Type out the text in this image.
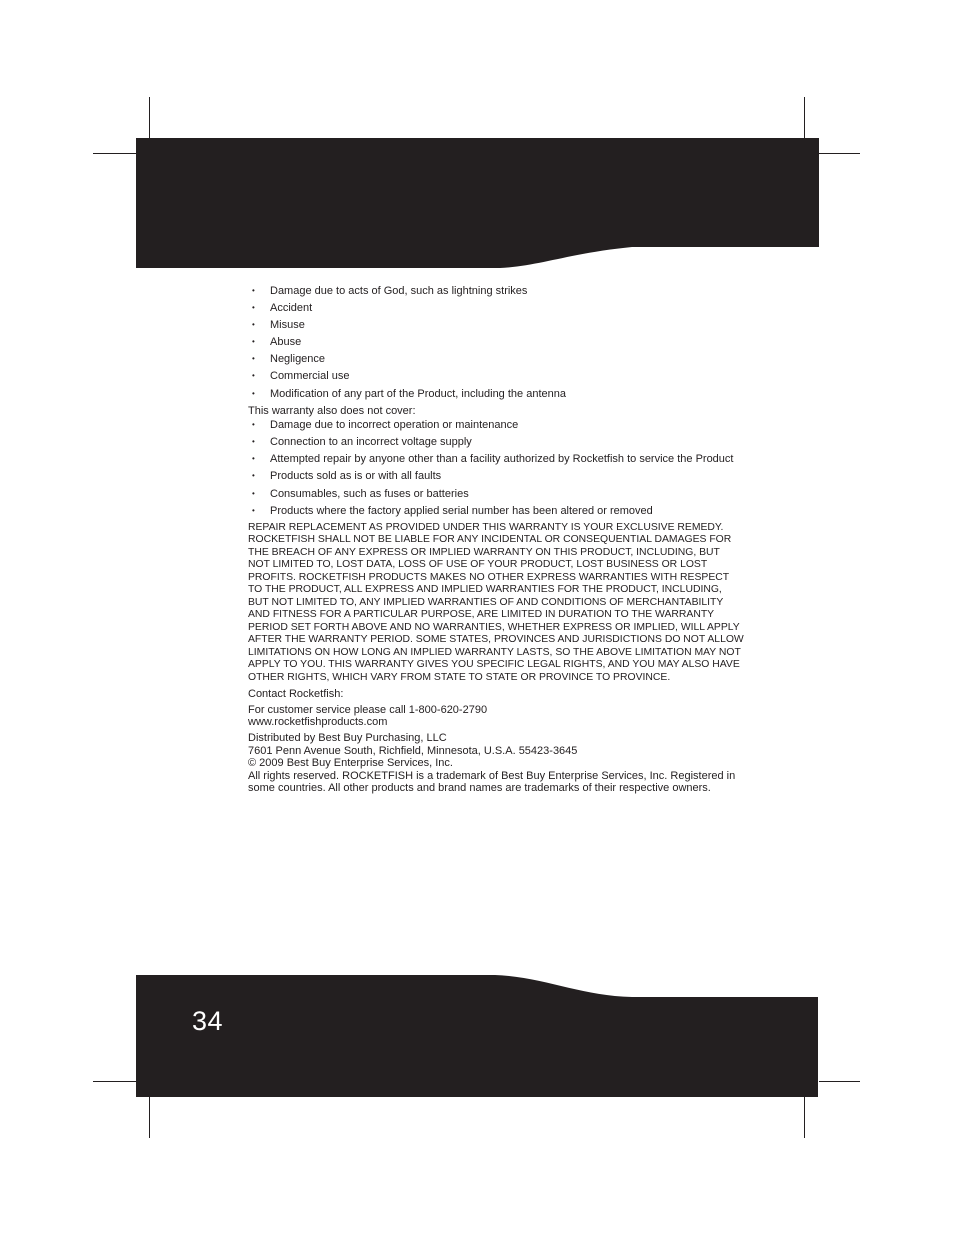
34
• Damage due to acts of God, such as lightning strikes
• Accident
• Misuse
• Abuse
• Negligence
• Commercial use
• Modification of any part of the Product, including the antenna

This warranty also does not cover:

• Damage due to incorrect operation or maintenance
• Connection to an incorrect voltage supply
• Attempted repair by anyone other than a facility authorized by Rocketfish to service the Product
• Products sold as is or with all faults
• Consumables, such as fuses or batteries
• Products where the factory applied serial number has been altered or removed

REPAIR REPLACEMENT AS PROVIDED UNDER THIS WARRANTY IS YOUR EXCLUSIVE REMEDY. ROCKETFISH SHALL NOT BE LIABLE FOR ANY INCIDENTAL OR CONSEQUENTIAL DAMAGES FOR THE BREACH OF ANY EXPRESS OR IMPLIED WARRANTY ON THIS PRODUCT, INCLUDING, BUT NOT LIMITED TO, LOST DATA, LOSS OF USE OF YOUR PRODUCT, LOST BUSINESS OR LOST PROFITS. ROCKETFISH PRODUCTS MAKES NO OTHER EXPRESS WARRANTIES WITH RESPECT TO THE PRODUCT, ALL EXPRESS AND IMPLIED WARRANTIES FOR THE PRODUCT, INCLUDING, BUT NOT LIMITED TO, ANY IMPLIED WARRANTIES OF AND CONDITIONS OF MERCHANTABILITY AND FITNESS FOR A PARTICULAR PURPOSE, ARE LIMITED IN DURATION TO THE WARRANTY PERIOD SET FORTH ABOVE AND NO WARRANTIES, WHETHER EXPRESS OR IMPLIED, WILL APPLY AFTER THE WARRANTY PERIOD. SOME STATES, PROVINCES AND JURISDICTIONS DO NOT ALLOW LIMITATIONS ON HOW LONG AN IMPLIED WARRANTY LASTS, SO THE ABOVE LIMITATION MAY NOT APPLY TO YOU. THIS WARRANTY GIVES YOU SPECIFIC LEGAL RIGHTS, AND YOU MAY ALSO HAVE OTHER RIGHTS, WHICH VARY FROM STATE TO STATE OR PROVINCE TO PROVINCE.

Contact Rocketfish:

For customer service please call 1-800-620-2790
www.rocketfishproducts.com

Distributed by Best Buy Purchasing, LLC
7601 Penn Avenue South, Richfield, Minnesota, U.S.A. 55423-3645
© 2009 Best Buy Enterprise Services, Inc.
All rights reserved. ROCKETFISH is a trademark of Best Buy Enterprise Services, Inc. Registered in some countries. All other products and brand names are trademarks of their respective owners.
